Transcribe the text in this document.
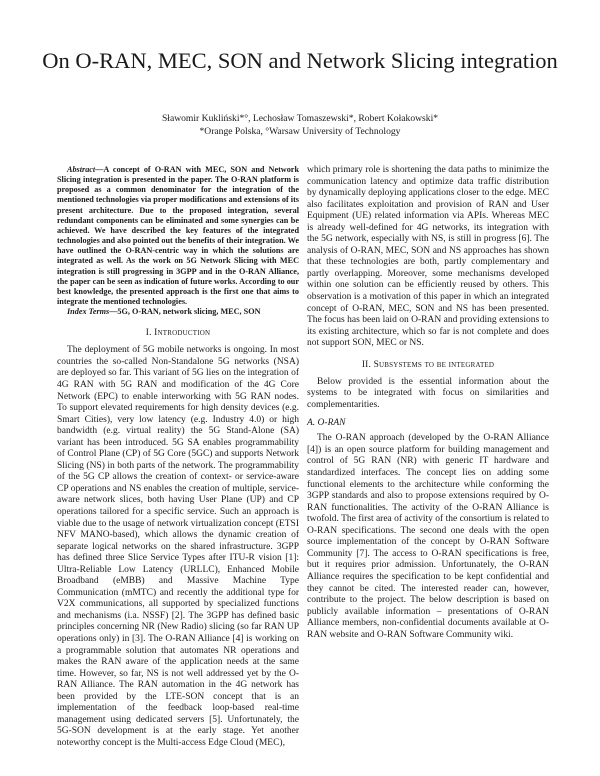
On O-RAN, MEC, SON and Network Slicing integration
Sławomir Kukliński*°, Lechosław Tomaszewski*, Robert Kołakowski*
*Orange Polska, °Warsaw University of Technology

Abstract—A concept of O-RAN with MEC, SON and Network Slicing integration is presented in the paper. The O-RAN platform is proposed as a common denominator for the integration of the mentioned technologies via proper modifications and extensions of its present architecture. Due to the proposed integration, several redundant components can be eliminated and some synergies can be achieved. We have described the key features of the integrated technologies and also pointed out the benefits of their integration. We have outlined the O-RAN-centric way in which the solutions are integrated as well. As the work on 5G Network Slicing with MEC integration is still progressing in 3GPP and in the O-RAN Alliance, the paper can be seen as indication of future works. According to our best knowledge, the presented approach is the first one that aims to integrate the mentioned technologies.

Index Terms—5G, O-RAN, network slicing, MEC, SON

I. Introduction

The deployment of 5G mobile networks is ongoing. In most countries the so-called Non-Standalone 5G networks (NSA) are deployed so far. This variant of 5G lies on the integration of 4G RAN with 5G RAN and modification of the 4G Core Network (EPC) to enable interworking with 5G RAN nodes. To support elevated requirements for high density devices (e.g. Smart Cities), very low latency (e.g. Industry 4.0) or high bandwidth (e.g. virtual reality) the 5G Stand-Alone (SA) variant has been introduced. 5G SA enables programmability of Control Plane (CP) of 5G Core (5GC) and supports Network Slicing (NS) in both parts of the network. The programmability of the 5G CP allows the creation of context- or service-aware CP operations and NS enables the creation of multiple, service-aware network slices, both having User Plane (UP) and CP operations tailored for a specific service. Such an approach is viable due to the usage of network virtualization concept (ETSI NFV MANO-based), which allows the dynamic creation of separate logical networks on the shared infrastructure. 3GPP has defined three Slice Service Types after ITU-R vision [1]: Ultra-Reliable Low Latency (URLLC), Enhanced Mobile Broadband (eMBB) and Massive Machine Type Communication (mMTC) and recently the additional type for V2X communications, all supported by specialized functions and mechanisms (i.a. NSSF) [2]. The 3GPP has defined basic principles concerning NR (New Radio) slicing (so far RAN UP operations only) in [3]. The O-RAN Alliance [4] is working on a programmable solution that automates NR operations and makes the RAN aware of the application needs at the same time. However, so far, NS is not well addressed yet by the O-RAN Alliance. The RAN automation in the 4G network has been provided by the LTE-SON concept that is an implementation of the feedback loop-based real-time management using dedicated servers [5]. Unfortunately, the 5G-SON development is at the early stage. Yet another noteworthy concept is the Multi-access Edge Cloud (MEC),

which primary role is shortening the data paths to minimize the communication latency and optimize data traffic distribution by dynamically deploying applications closer to the edge. MEC also facilitates exploitation and provision of RAN and User Equipment (UE) related information via APIs. Whereas MEC is already well-defined for 4G networks, its integration with the 5G network, especially with NS, is still in progress [6]. The analysis of O-RAN, MEC, SON and NS approaches has shown that these technologies are both, partly complementary and partly overlapping. Moreover, some mechanisms developed within one solution can be efficiently reused by others. This observation is a motivation of this paper in which an integrated concept of O-RAN, MEC, SON and NS has been presented. The focus has been laid on O-RAN and providing extensions to its existing architecture, which so far is not complete and does not support SON, MEC or NS.

II. Subsystems to be integrated

Below provided is the essential information about the systems to be integrated with focus on similarities and complementarities.

A. O-RAN

The O-RAN approach (developed by the O-RAN Alliance [4]) is an open source platform for building management and control of 5G RAN (NR) with generic IT hardware and standardized interfaces. The concept lies on adding some functional elements to the architecture while conforming the 3GPP standards and also to propose extensions required by O-RAN functionalities. The activity of the O-RAN Alliance is twofold. The first area of activity of the consortium is related to O-RAN specifications. The second one deals with the open source implementation of the concept by O-RAN Software Community [7]. The access to O-RAN specifications is free, but it requires prior admission. Unfortunately, the O-RAN Alliance requires the specification to be kept confidential and they cannot be cited. The interested reader can, however, contribute to the project. The below description is based on publicly available information – presentations of O-RAN Alliance members, non-confidential documents available at O-RAN website and O-RAN Software Community wiki.
